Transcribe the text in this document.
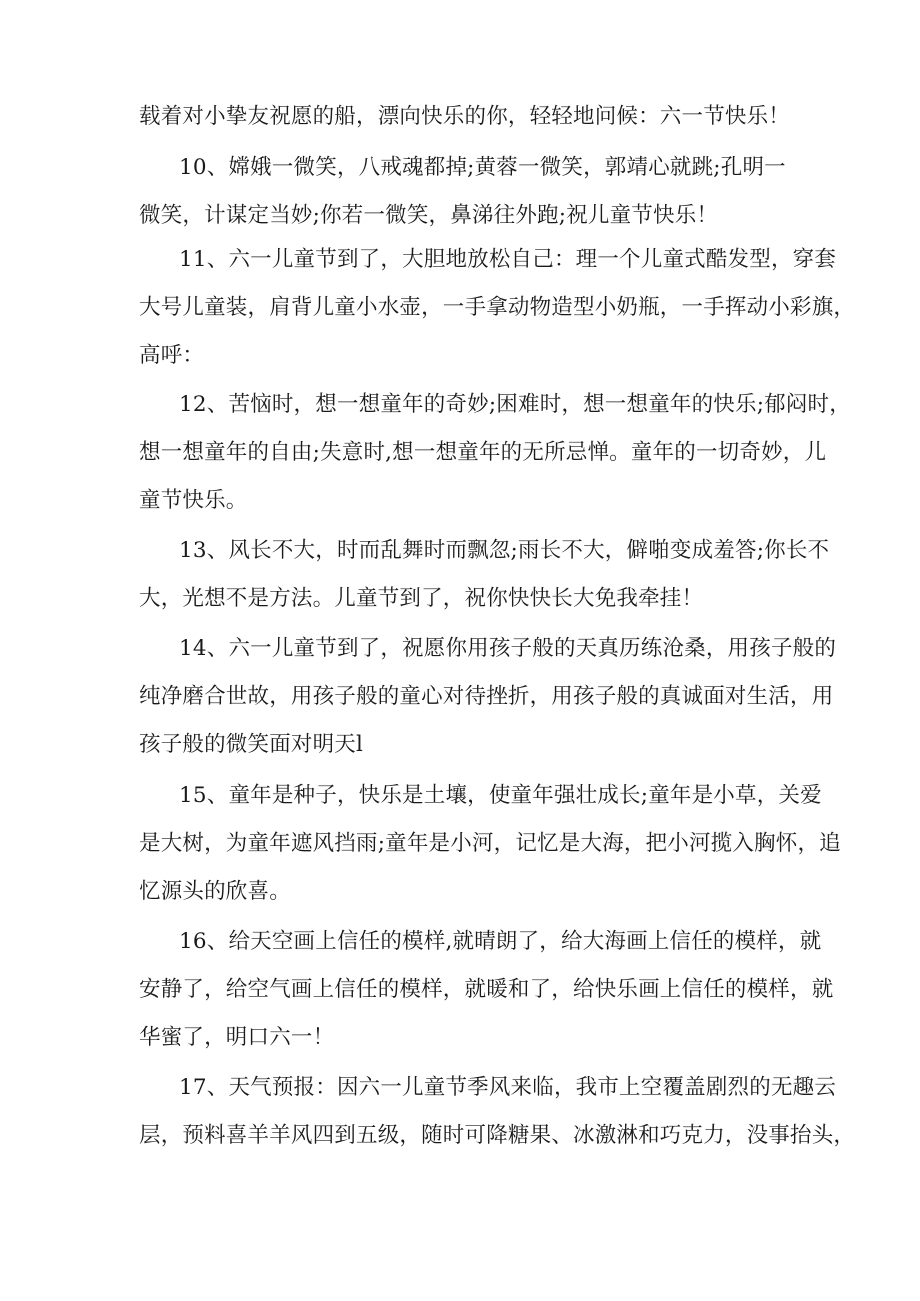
载着对小挚友祝愿的船，漂向快乐的你，轻轻地问候：六一节快乐！
10、嫦娥一微笑，八戒魂都掉;黄蓉一微笑，郭靖心就跳;孔明一
微笑，计谋定当妙;你若一微笑，鼻涕往外跑;祝儿童节快乐！
11、六一儿童节到了，大胆地放松自己：理一个儿童式酷发型，穿套
大号儿童装，肩背儿童小水壶，一手拿动物造型小奶瓶，一手挥动小彩旗，
高呼：
12、苦恼时，想一想童年的奇妙;困难时，想一想童年的快乐;郁闷时，
想一想童年的自由;失意时,想一想童年的无所忌惮。童年的一切奇妙，儿
童节快乐。
13、风长不大，时而乱舞时而飘忽;雨长不大，僻啪变成羞答;你长不
大，光想不是方法。儿童节到了，祝你快快长大免我牵挂！
14、六一儿童节到了，祝愿你用孩子般的天真历练沧桑，用孩子般的
纯净磨合世故，用孩子般的童心对待挫折，用孩子般的真诚面对生活，用
孩子般的微笑面对明天l
15、童年是种子，快乐是土壤，使童年强壮成长;童年是小草，关爱
是大树，为童年遮风挡雨;童年是小河，记忆是大海，把小河揽入胸怀，追
忆源头的欣喜。
16、给天空画上信任的模样,就晴朗了，给大海画上信任的模样，就
安静了，给空气画上信任的模样，就暖和了，给快乐画上信任的模样，就
华蜜了，明口六一！
17、天气预报：因六一儿童节季风来临，我市上空覆盖剧烈的无趣云
层，预料喜羊羊风四到五级，随时可降糖果、冰激淋和巧克力，没事抬头，
